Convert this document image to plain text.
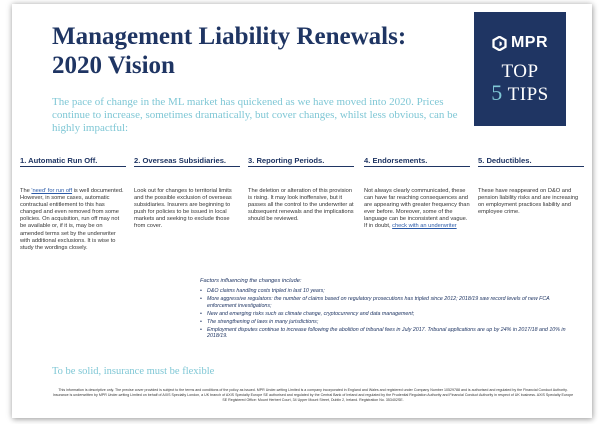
Management Liability Renewals:
2020 Vision
MPR
TOP
5 TIPS

The pace of change in the ML market has quickened as we have moved into 2020. Prices continue to increase, sometimes dramatically, but cover changes, whilst less obvious, can be highly impactful:

1. Automatic Run Off.

The 'need' for run off is well documented. However, in some cases, automatic contractual entitlement to this has changed and even removed from some policies. On acquisition, run off may not be available or, if it is, may be on amended terms set by the underwriter with additional exclusions. It is wise to study the wordings closely.

2. Overseas Subsidiaries.

Look out for changes to territorial limits and the possible exclusion of overseas subsidiaries. Insurers are beginning to push for policies to be issued in local markets and seeking to exclude those from cover.

3. Reporting Periods.

The deletion or alteration of this provision is rising. It may look inoffensive, but it passes all the control to the underwriter at subsequent renewals and the implications should be reviewed.

4. Endorsements.

Not always clearly communicated, these can have far reaching consequences and are appearing with greater frequency than ever before. Moreover, some of the language can be inconsistent and vague. If in doubt, check with an underwriter

5. Deductibles.

These have reappeared on D&O and pension liability risks and are increasing on employment practices liability and employee crime.

Factors influencing the changes include:
• D&O claims handling costs tripled in last 10 years;
• More aggressive regulators: the number of claims based on regulatory prosecutions has tripled since 2012; 2018/19 saw record levels of new FCA enforcement investigations;
• New and emerging risks such as climate change, cryptocurrency and data management;
• The strengthening of laws in many jurisdictions;
• Employment disputes continue to increase following the abolition of tribunal fees in July 2017. Tribunal applications are up by 24% in 2017/18 and 10% in 2018/19.
To be solid, insurance must be flexible

This information is descriptive only. The precise cover provided is subject to the terms and conditions of the policy as issued. MPR Under-writing Limited is a company incorporated in England and Wales and registered under Company Number 10529788 and is authorised and regulated by the Financial Conduct Authority. Insurance is underwritten by MPR Under-writing Limited on behalf of AXIS Specialty London, a UK branch of AXIS Specialty Europe SE authorised and regulated by the Central Bank of Ireland and regulated by the Prudential Regulation Authority and Financial Conduct Authority in respect of UK business. AXIS Specialty Europe SE Registered Office: Mount Herbert Court, 34 Upper Mount Street, Dublin 2, Ireland. Registration No. 353402SE.
